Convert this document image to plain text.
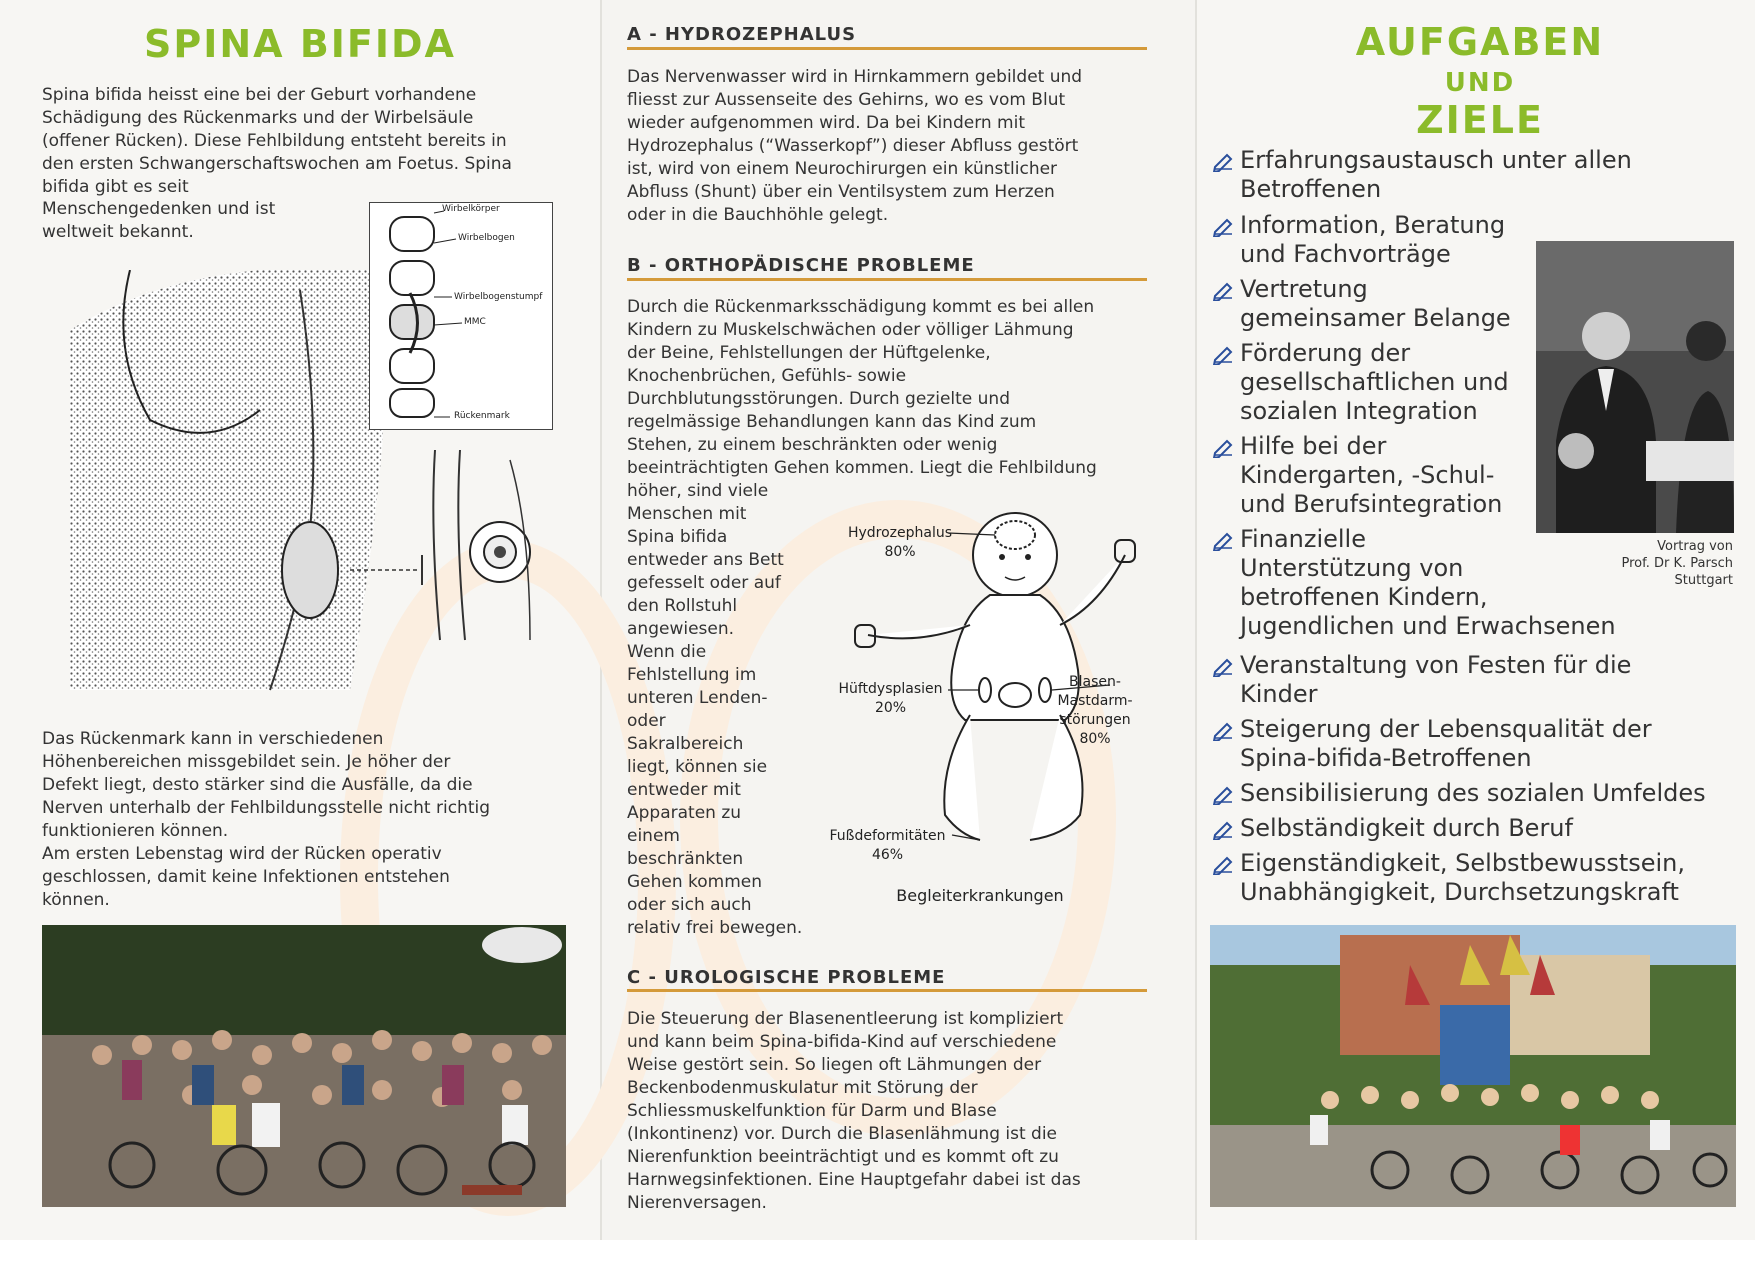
SPINA BIFIDA
Spina bifida heisst eine bei der Geburt vorhandene
Schädigung des Rückenmarks und der Wirbelsäule
(offener Rücken). Diese Fehlbildung entsteht bereits in
den ersten Schwangerschaftswochen am Foetus. Spina
bifida gibt es seit
Menschengedenken und ist
weltweit bekannt.
Wirbelkörper
Wirbelbogen
Wirbelbogenstumpf
MMC
Rückenmark
Das Rückenmark kann in verschiedenen
Höhenbereichen missgebildet sein. Je höher der
Defekt liegt, desto stärker sind die Ausfälle, da die
Nerven unterhalb der Fehlbildungsstelle nicht richtig
funktionieren können.
Am ersten Lebenstag wird der Rücken operativ
geschlossen, damit keine Infektionen entstehen
können.
A - HYDROZEPHALUS
Das Nervenwasser wird in Hirnkammern gebildet und
fliesst zur Aussenseite des Gehirns, wo es vom Blut
wieder aufgenommen wird. Da bei Kindern mit
Hydrozephalus (“Wasserkopf”) dieser Abfluss gestört
ist, wird von einem Neurochirurgen ein künstlicher
Abfluss (Shunt) über ein Ventilsystem zum Herzen
oder in die Bauchhöhle gelegt.
B - ORTHOPÄDISCHE PROBLEME
Durch die Rückenmarksschädigung kommt es bei allen
Kindern zu Muskelschwächen oder völliger Lähmung
der Beine, Fehlstellungen der Hüftgelenke,
Knochenbrüchen, Gefühls- sowie
Durchblutungsstörungen. Durch gezielte und
regelmässige Behandlungen kann das Kind zum
Stehen, zu einem beschränkten oder wenig
beeinträchtigten Gehen kommen. Liegt die Fehlbildung
höher, sind viele
Menschen mit
Spina bifida
entweder ans Bett
gefesselt oder auf
den Rollstuhl
angewiesen.
Wenn die
Fehlstellung im
unteren Lenden-
oder
Sakralbereich
liegt, können sie
entweder mit
Apparaten zu
einem
beschränkten
Gehen kommen
oder sich auch
relativ frei bewegen.
Hydrozephalus
80%
Hüftdysplasien
20%
Blasen-
Mastdarm-
störungen
80%
Fußdeformitäten
46%
Begleiterkrankungen
C - UROLOGISCHE PROBLEME
Die Steuerung der Blasenentleerung ist kompliziert
und kann beim Spina-bifida-Kind auf verschiedene
Weise gestört sein. So liegen oft Lähmungen der
Beckenbodenmuskulatur mit Störung der
Schliessmuskelfunktion für Darm und Blase
(Inkontinenz) vor. Durch die Blasenlähmung ist die
Nierenfunktion beeinträchtigt und es kommt oft zu
Harnwegsinfektionen. Eine Hauptgefahr dabei ist das
Nierenversagen.
AUFGABEN
UND
ZIELE
Vortrag von
Prof. Dr K. Parsch
Stuttgart
Erfahrungsaustausch unter allen
Betroffenen
Information, Beratung
und Fachvorträge
Vertretung
gemeinsamer Belange
Förderung der
gesellschaftlichen und
sozialen Integration
Hilfe bei der
Kindergarten, -Schul-
und Berufsintegration
Finanzielle
Unterstützung von
betroffenen Kindern,
Jugendlichen und Erwachsenen
Veranstaltung von Festen für die
Kinder
Steigerung der Lebensqualität der
Spina-bifida-Betroffenen
Sensibilisierung des sozialen Umfeldes
Selbständigkeit durch Beruf
Eigenständigkeit, Selbstbewusstsein,
Unabhängigkeit, Durchsetzungskraft
